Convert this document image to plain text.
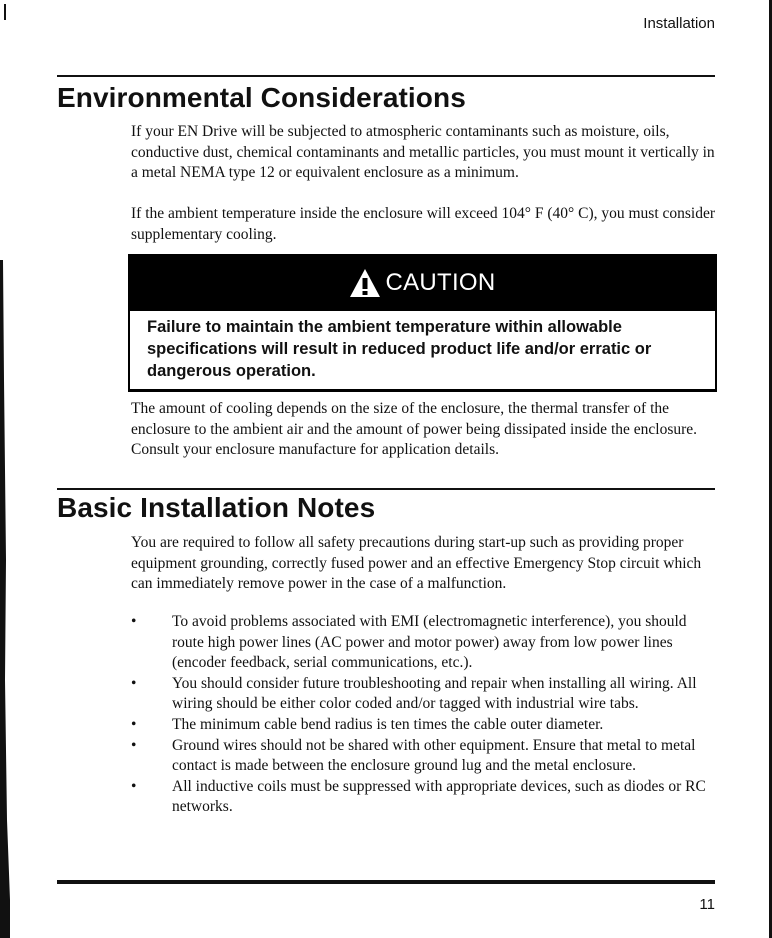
Installation
Environmental Considerations

If your EN Drive will be subjected to atmospheric contaminants such as moisture, oils, conductive dust, chemical contaminants and metallic particles, you must mount it vertically in a metal NEMA type 12 or equivalent enclosure as a minimum.

If the ambient temperature inside the enclosure will exceed 104° F (40° C), you must consider supplementary cooling.

CAUTION

Failure to maintain the ambient temperature within allowable specifications will result in reduced product life and/or erratic or dangerous operation.

The amount of cooling depends on the size of the enclosure, the thermal transfer of the enclosure to the ambient air and the amount of power being dissipated inside the enclosure. Consult your enclosure manufacture for application details.

Basic Installation Notes

You are required to follow all safety precautions during start-up such as providing proper equipment grounding, correctly fused power and an effective Emergency Stop circuit which can immediately remove power in the case of a malfunction.

• To avoid problems associated with EMI (electromagnetic interference), you should route high power lines (AC power and motor power) away from low power lines (encoder feedback, serial communications, etc.).
• You should consider future troubleshooting and repair when installing all wiring. All wiring should be either color coded and/or tagged with industrial wire tabs.
• The minimum cable bend radius is ten times the cable outer diameter.
• Ground wires should not be shared with other equipment. Ensure that metal to metal contact is made between the enclosure ground lug and the metal enclosure.
• All inductive coils must be suppressed with appropriate devices, such as diodes or RC networks.
11
